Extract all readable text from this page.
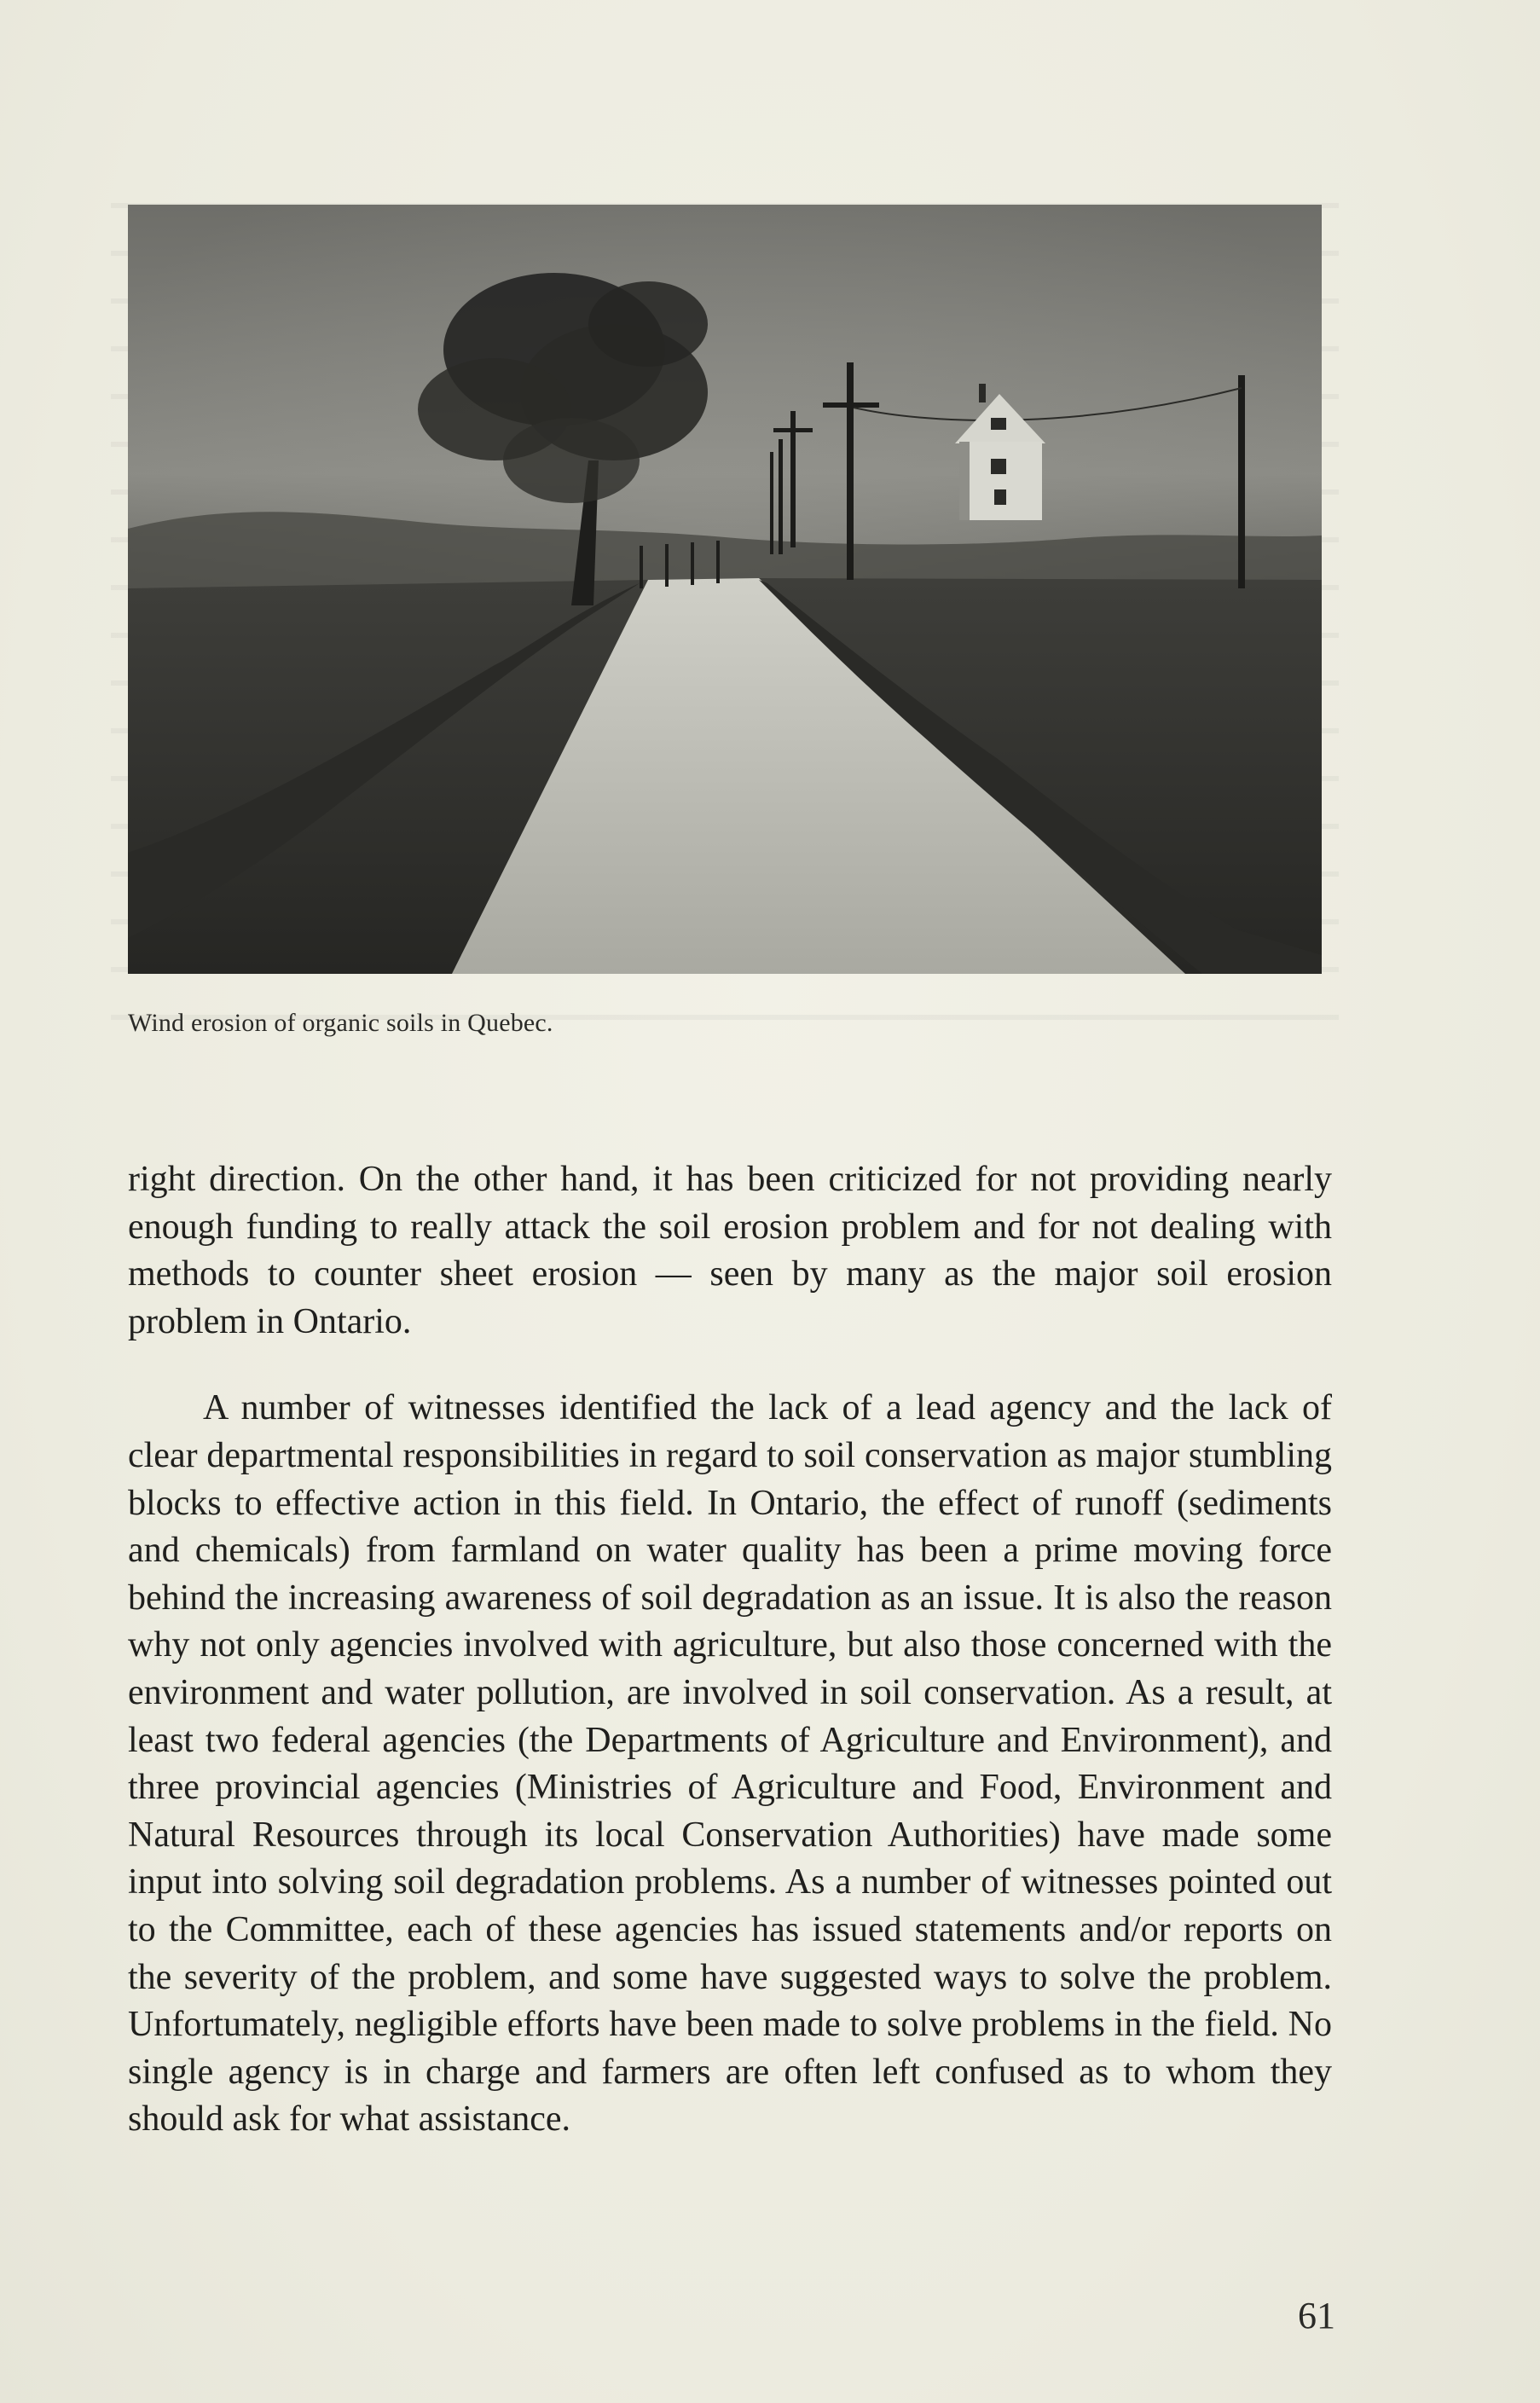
Wind erosion of organic soils in Quebec.

right direction. On the other hand, it has been criticized for not providing nearly enough funding to really attack the soil erosion problem and for not dealing with methods to counter sheet erosion — seen by many as the major soil erosion problem in Ontario.

A number of witnesses identified the lack of a lead agency and the lack of clear departmental responsibilities in regard to soil conservation as major stumbling blocks to effective action in this field. In Ontario, the effect of runoff (sediments and chemicals) from farmland on water quality has been a prime moving force behind the increasing awareness of soil degradation as an issue. It is also the reason why not only agencies involved with agriculture, but also those concerned with the environment and water pollution, are involved in soil conservation. As a result, at least two federal agencies (the Departments of Agriculture and Environment), and three provincial agencies (Ministries of Agriculture and Food, Environment and Natural Resources through its local Conservation Authorities) have made some input into solving soil degradation problems. As a number of witnesses pointed out to the Committee, each of these agencies has issued statements and/or reports on the severity of the problem, and some have suggested ways to solve the problem. Unfortumately, negligible efforts have been made to solve problems in the field. No single agency is in charge and farmers are often left confused as to whom they should ask for what assistance.

61
